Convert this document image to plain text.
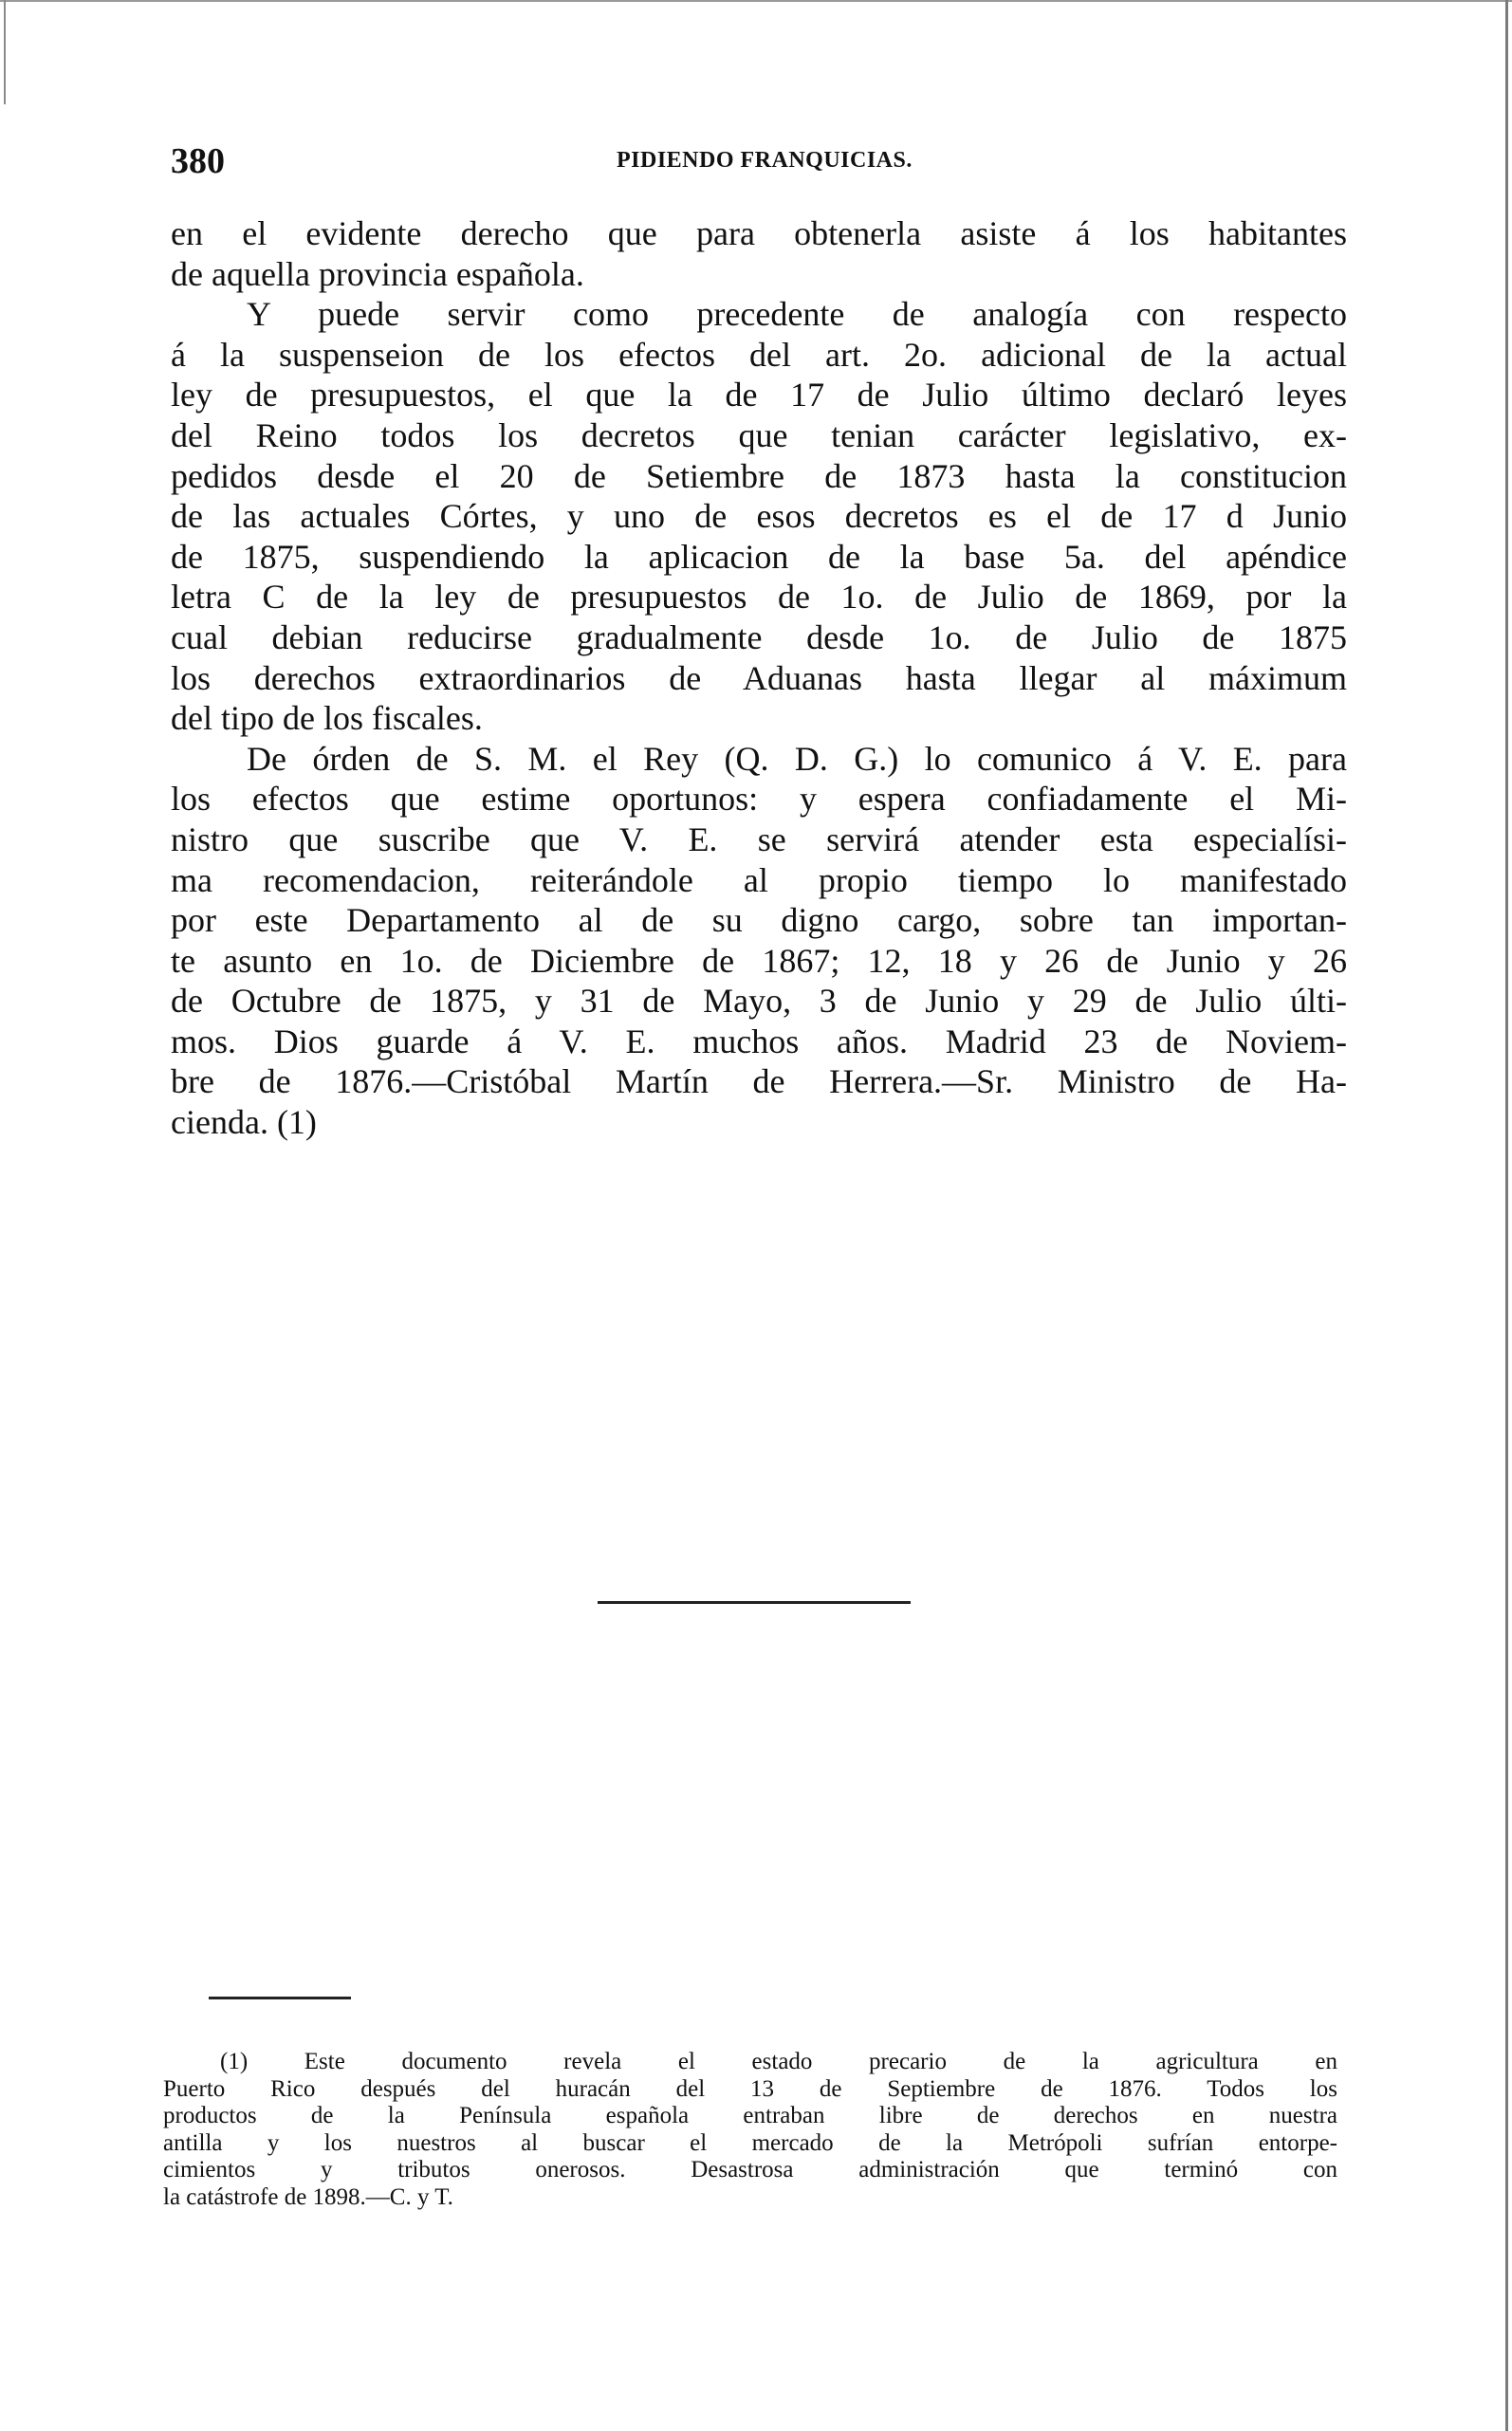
380	PIDIENDO FRANQUICIAS.
en el evidente derecho que para obtenerla asiste á los habitantes
de aquella provincia española.
Y puede servir como precedente de analogía con respecto
á la suspenseion de los efectos del art. 2o. adicional de la actual
ley de presupuestos, el que la de 17 de Julio último declaró leyes
del Reino todos los decretos que tenian carácter legislativo, ex-
pedidos desde el 20 de Setiembre de 1873 hasta la constitucion
de las actuales Córtes, y uno de esos decretos es el de 17 d Junio
de 1875, suspendiendo la aplicacion de la base 5a. del apéndice
letra C de la ley de presupuestos de 1o. de Julio de 1869, por la
cual debian reducirse gradualmente desde 1o. de Julio de 1875
los derechos extraordinarios de Aduanas hasta llegar al máximum
del tipo de los fiscales.
De órden de S. M. el Rey (Q. D. G.) lo comunico á V. E. para
los efectos que estime oportunos: y espera confiadamente el Mi-
nistro que suscribe que V. E. se servirá atender esta especialísi-
ma recomendacion, reiterándole al propio tiempo lo manifestado
por este Departamento al de su digno cargo, sobre tan importan-
te asunto en 1o. de Diciembre de 1867; 12, 18 y 26 de Junio y 26
de Octubre de 1875, y 31 de Mayo, 3 de Junio y 29 de Julio últi-
mos. Dios guarde á V. E. muchos años. Madrid 23 de Noviem-
bre de 1876.—Cristóbal Martín de Herrera.—Sr. Ministro de Ha-
cienda. (1)
(1) Este documento revela el estado precario de la agricultura en
Puerto Rico después del huracán del 13 de Septiembre de 1876. Todos los
productos de la Península española entraban libre de derechos en nuestra
antilla y los nuestros al buscar el mercado de la Metrópoli sufrían entorpe-
cimientos y tributos onerosos. Desastrosa administración que terminó con
la catástrofe de 1898.—C. y T.
